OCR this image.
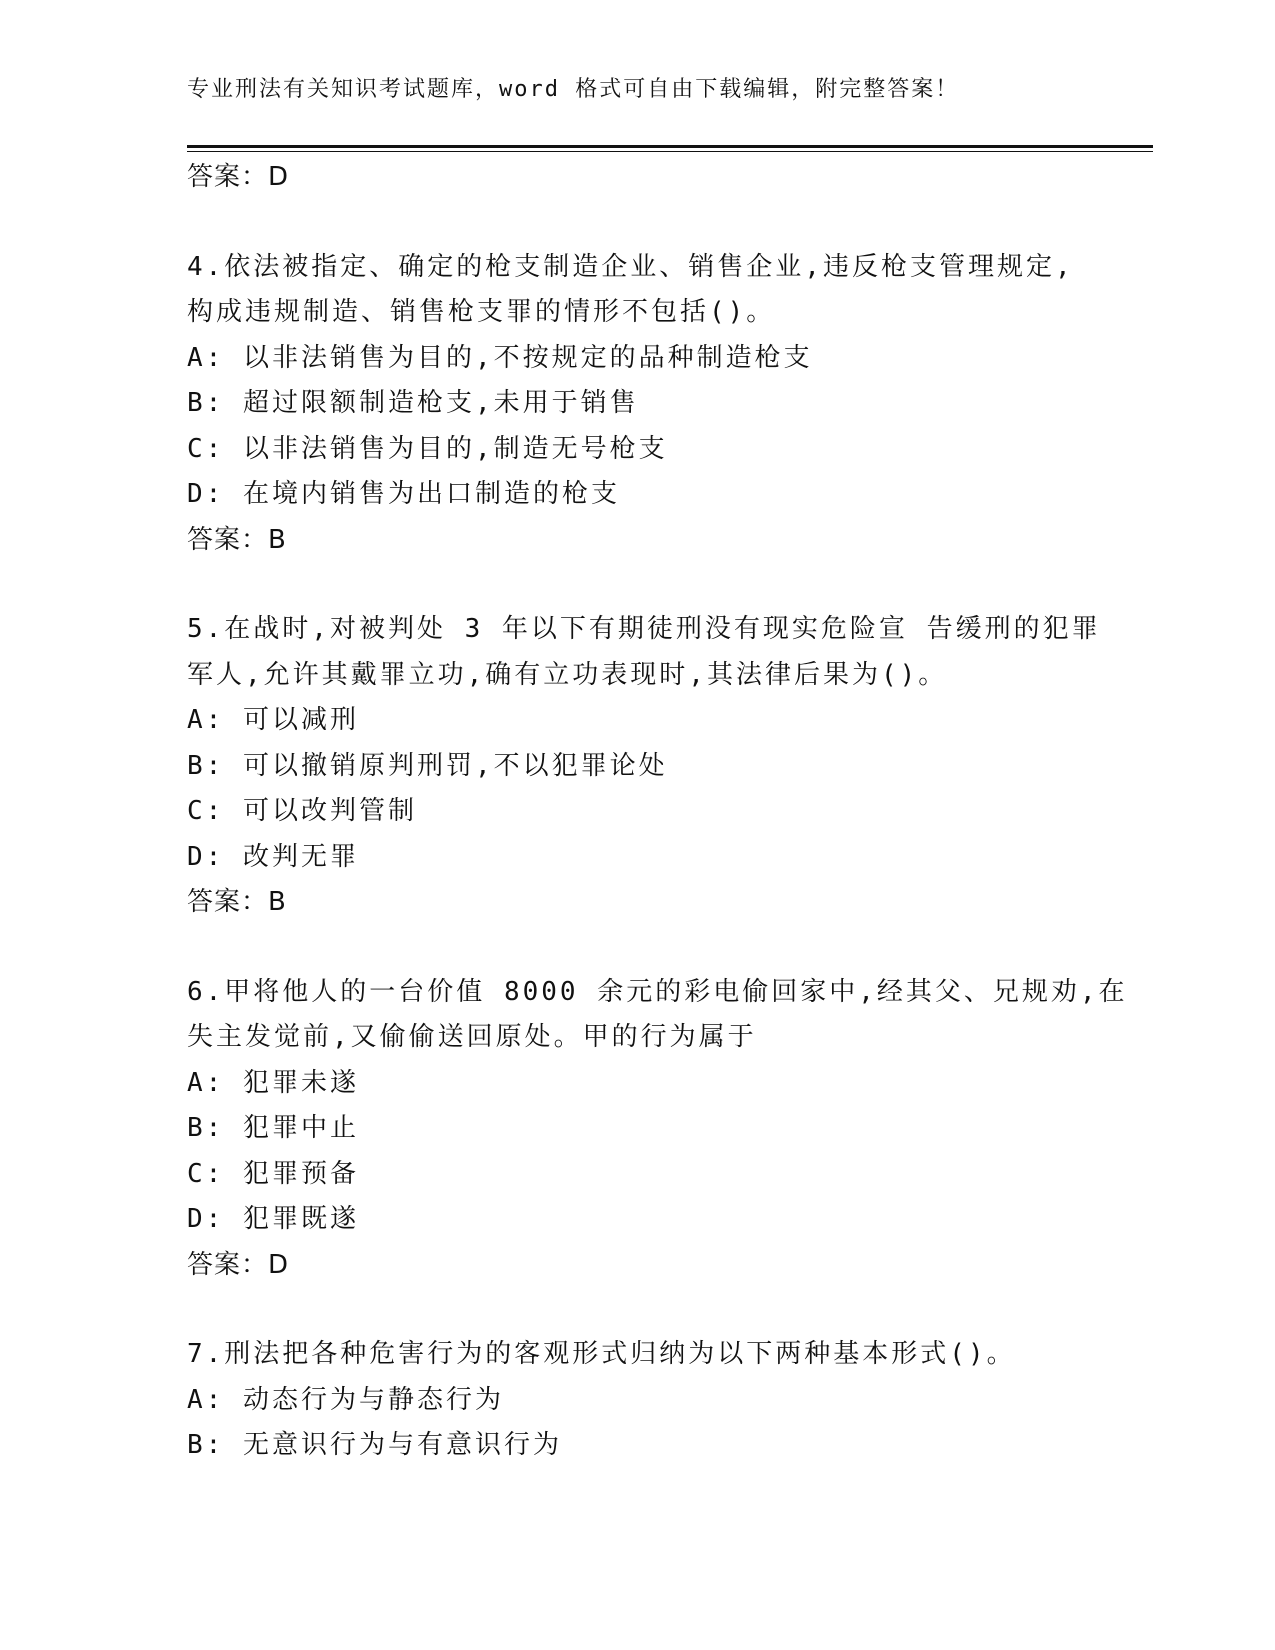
专业刑法有关知识考试题库，word 格式可自由下载编辑，附完整答案！
答案：D
4.依法被指定、确定的枪支制造企业、销售企业,违反枪支管理规定,
构成违规制造、销售枪支罪的情形不包括()。
A: 以非法销售为目的,不按规定的品种制造枪支
B: 超过限额制造枪支,未用于销售
C: 以非法销售为目的,制造无号枪支
D: 在境内销售为出口制造的枪支
答案：B
5.在战时,对被判处 3 年以下有期徒刑没有现实危险宣 告缓刑的犯罪
军人,允许其戴罪立功,确有立功表现时,其法律后果为()。
A: 可以减刑
B: 可以撤销原判刑罚,不以犯罪论处
C: 可以改判管制
D: 改判无罪
答案：B
6.甲将他人的一台价值 8000 余元的彩电偷回家中,经其父、兄规劝,在
失主发觉前,又偷偷送回原处。甲的行为属于
A: 犯罪未遂
B: 犯罪中止
C: 犯罪预备
D: 犯罪既遂
答案：D
7.刑法把各种危害行为的客观形式归纳为以下两种基本形式()。
A: 动态行为与静态行为
B: 无意识行为与有意识行为
